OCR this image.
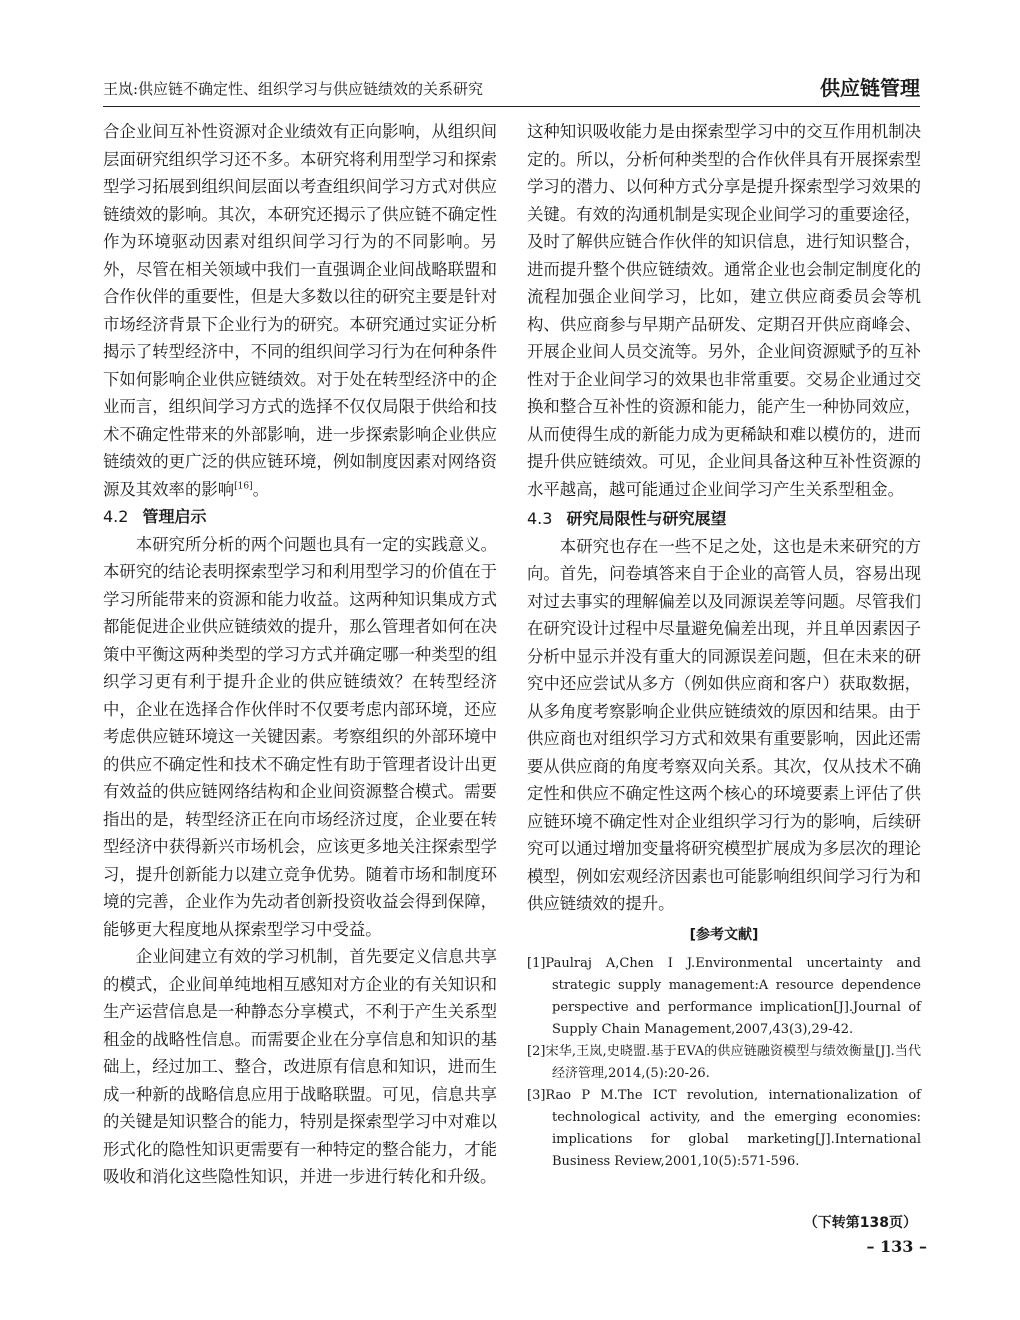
王岚:供应链不确定性、组织学习与供应链绩效的关系研究	供应链管理

合企业间互补性资源对企业绩效有正向影响，从组织间层面研究组织学习还不多。本研究将利用型学习和探索型学习拓展到组织间层面以考查组织间学习方式对供应链绩效的影响。其次，本研究还揭示了供应链不确定性作为环境驱动因素对组织间学习行为的不同影响。另外，尽管在相关领域中我们一直强调企业间战略联盟和合作伙伴的重要性，但是大多数以往的研究主要是针对市场经济背景下企业行为的研究。本研究通过实证分析揭示了转型经济中，不同的组织间学习行为在何种条件下如何影响企业供应链绩效。对于处在转型经济中的企业而言，组织间学习方式的选择不仅仅局限于供给和技术不确定性带来的外部影响，进一步探索影响企业供应链绩效的更广泛的供应链环境，例如制度因素对网络资源及其效率的影响[16]。

4.2 管理启示

本研究所分析的两个问题也具有一定的实践意义。本研究的结论表明探索型学习和利用型学习的价值在于学习所能带来的资源和能力收益。这两种知识集成方式都能促进企业供应链绩效的提升，那么管理者如何在决策中平衡这两种类型的学习方式并确定哪一种类型的组织学习更有利于提升企业的供应链绩效？在转型经济中，企业在选择合作伙伴时不仅要考虑内部环境，还应考虑供应链环境这一关键因素。考察组织的外部环境中的供应不确定性和技术不确定性有助于管理者设计出更有效益的供应链网络结构和企业间资源整合模式。需要指出的是，转型经济正在向市场经济过度，企业要在转型经济中获得新兴市场机会，应该更多地关注探索型学习，提升创新能力以建立竞争优势。随着市场和制度环境的完善，企业作为先动者创新投资收益会得到保障，能够更大程度地从探索型学习中受益。

企业间建立有效的学习机制，首先要定义信息共享的模式，企业间单纯地相互感知对方企业的有关知识和生产运营信息是一种静态分享模式，不利于产生关系型租金的战略性信息。而需要企业在分享信息和知识的基础上，经过加工、整合，改进原有信息和知识，进而生成一种新的战略信息应用于战略联盟。可见，信息共享的关键是知识整合的能力，特别是探索型学习中对难以形式化的隐性知识更需要有一种特定的整合能力，才能吸收和消化这些隐性知识，并进一步进行转化和升级。

这种知识吸收能力是由探索型学习中的交互作用机制决定的。所以，分析何种类型的合作伙伴具有开展探索型学习的潜力、以何种方式分享是提升探索型学习效果的关键。有效的沟通机制是实现企业间学习的重要途径，及时了解供应链合作伙伴的知识信息，进行知识整合，进而提升整个供应链绩效。通常企业也会制定制度化的流程加强企业间学习，比如，建立供应商委员会等机构、供应商参与早期产品研发、定期召开供应商峰会、开展企业间人员交流等。另外，企业间资源赋予的互补性对于企业间学习的效果也非常重要。交易企业通过交换和整合互补性的资源和能力，能产生一种协同效应，从而使得生成的新能力成为更稀缺和难以模仿的，进而提升供应链绩效。可见，企业间具备这种互补性资源的水平越高，越可能通过企业间学习产生关系型租金。

4.3 研究局限性与研究展望

本研究也存在一些不足之处，这也是未来研究的方向。首先，问卷填答来自于企业的高管人员，容易出现对过去事实的理解偏差以及同源误差等问题。尽管我们在研究设计过程中尽量避免偏差出现，并且单因素因子分析中显示并没有重大的同源误差问题，但在未来的研究中还应尝试从多方（例如供应商和客户）获取数据，从多角度考察影响企业供应链绩效的原因和结果。由于供应商也对组织学习方式和效果有重要影响，因此还需要从供应商的角度考察双向关系。其次，仅从技术不确定性和供应不确定性这两个核心的环境要素上评估了供应链环境不确定性对企业组织学习行为的影响，后续研究可以通过增加变量将研究模型扩展成为多层次的理论模型，例如宏观经济因素也可能影响组织间学习行为和供应链绩效的提升。

[参考文献]

[1]Paulraj A,Chen I J.Environmental uncertainty and strategic supply management:A resource dependence perspective and performance implication[J].Journal of Supply Chain Management,2007,43(3),29-42.

[2]宋华,王岚,史晓盟.基于EVA的供应链融资模型与绩效衡量[J].当代经济管理,2014,(5):20-26.

[3]Rao P M.The ICT revolution, internationalization of technological activity, and the emerging economies: implications for global marketing[J].International Business Review,2001,10(5):571-596.

（下转第138页）
– 133 –
